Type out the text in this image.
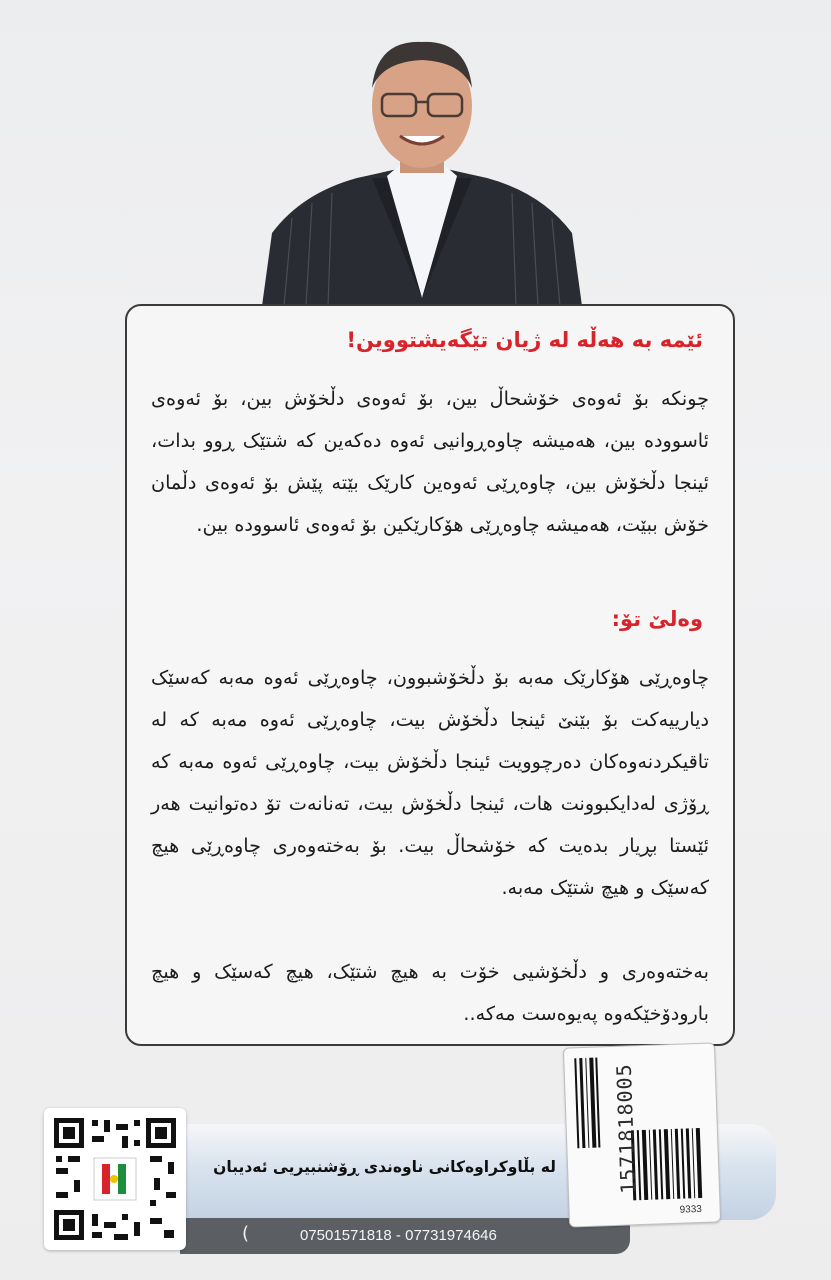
ئێمە بە هەڵە لە ژیان تێگەیشتووین!

چونکە بۆ ئەوەی خۆشحاڵ بین، بۆ ئەوەی دڵخۆش بین، بۆ ئەوەی ئاسوودە بین، هەمیشە چاوەڕوانیی ئەوە دەکەین کە شتێک ڕوو بدات، ئینجا دڵخۆش بین، چاوەڕێی ئەوەین کارێک بێتە پێش بۆ ئەوەی دڵمان خۆش ببێت، هەمیشە چاوەڕێی هۆکارێکین بۆ ئەوەی ئاسوودە بین.

وەلێ تۆ:

چاوەڕێی هۆکارێک مەبە بۆ دڵخۆشبوون، چاوەڕێی ئەوە مەبە کەسێک دیارییەکت بۆ بێنێ ئینجا دڵخۆش بیت، چاوەڕێی ئەوە مەبە کە لە تاقیکردنەوەکان دەرچوویت ئینجا دڵخۆش بیت، چاوەڕێی ئەوە مەبە کە ڕۆژی لەدایکبوونت هات، ئینجا دڵخۆش بیت، تەنانەت تۆ دەتوانیت هەر ئێستا بڕیار بدەیت کە خۆشحاڵ بیت. بۆ بەختەوەری چاوەڕێی هیچ کەسێک و هیچ شتێک مەبە.

بەختەوەری و دڵخۆشیی خۆت بە هیچ شتێک، هیچ کەسێک و هیچ بارودۆخێکەوە پەیوەست مەکە..

لە بڵاوکراوەکانی ناوەندی ڕۆشنبیریی ئەدیبان
(	07501571818 - 07731974646
1571818005
9333
